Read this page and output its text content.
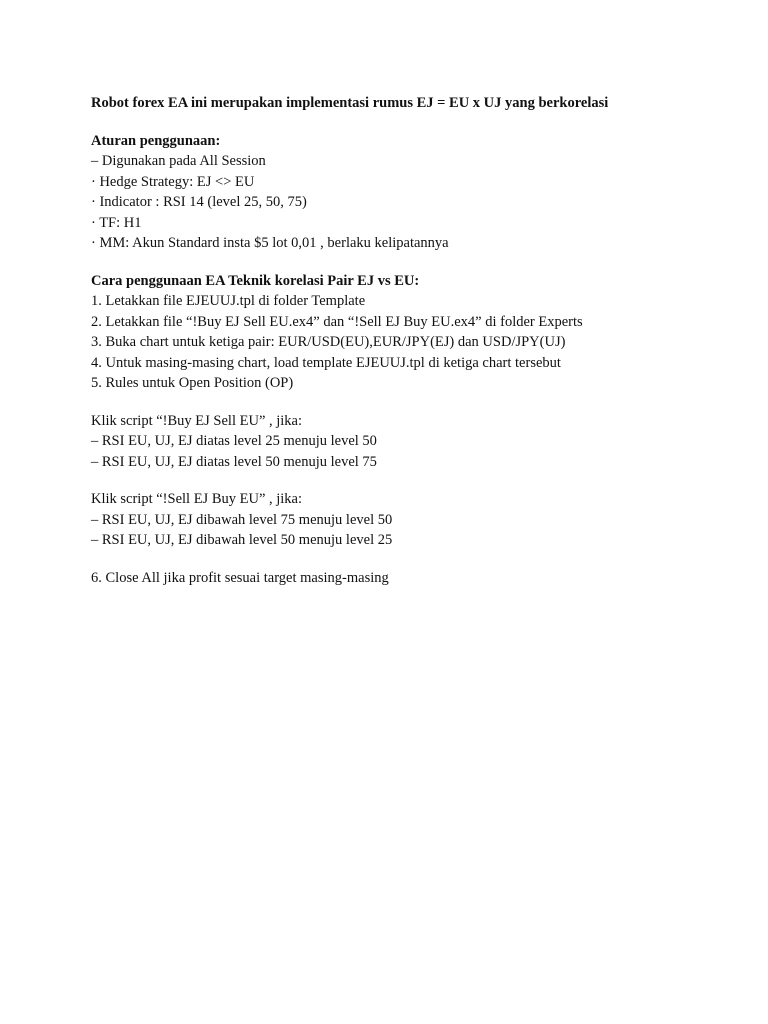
Robot forex EA ini merupakan implementasi rumus EJ = EU x UJ yang berkorelasi
Aturan penggunaan:
– Digunakan pada All Session
· Hedge Strategy: EJ <> EU
· Indicator : RSI 14 (level 25, 50, 75)
· TF: H1
· MM: Akun Standard insta $5 lot 0,01 , berlaku kelipatannya
Cara penggunaan EA Teknik korelasi Pair EJ vs EU:
1. Letakkan file EJEUUJ.tpl di folder Template
2. Letakkan file “!Buy EJ Sell EU.ex4” dan “!Sell EJ Buy EU.ex4” di folder Experts
3. Buka chart untuk ketiga pair: EUR/USD(EU),EUR/JPY(EJ) dan USD/JPY(UJ)
4. Untuk masing-masing chart, load template EJEUUJ.tpl di ketiga chart tersebut
5. Rules untuk Open Position (OP)
Klik script “!Buy EJ Sell EU” , jika:
– RSI EU, UJ, EJ diatas level 25 menuju level 50
– RSI EU, UJ, EJ diatas level 50 menuju level 75
Klik script “!Sell EJ Buy EU” , jika:
– RSI EU, UJ, EJ dibawah level 75 menuju level 50
– RSI EU, UJ, EJ dibawah level 50 menuju level 25
6. Close All jika profit sesuai target masing-masing
